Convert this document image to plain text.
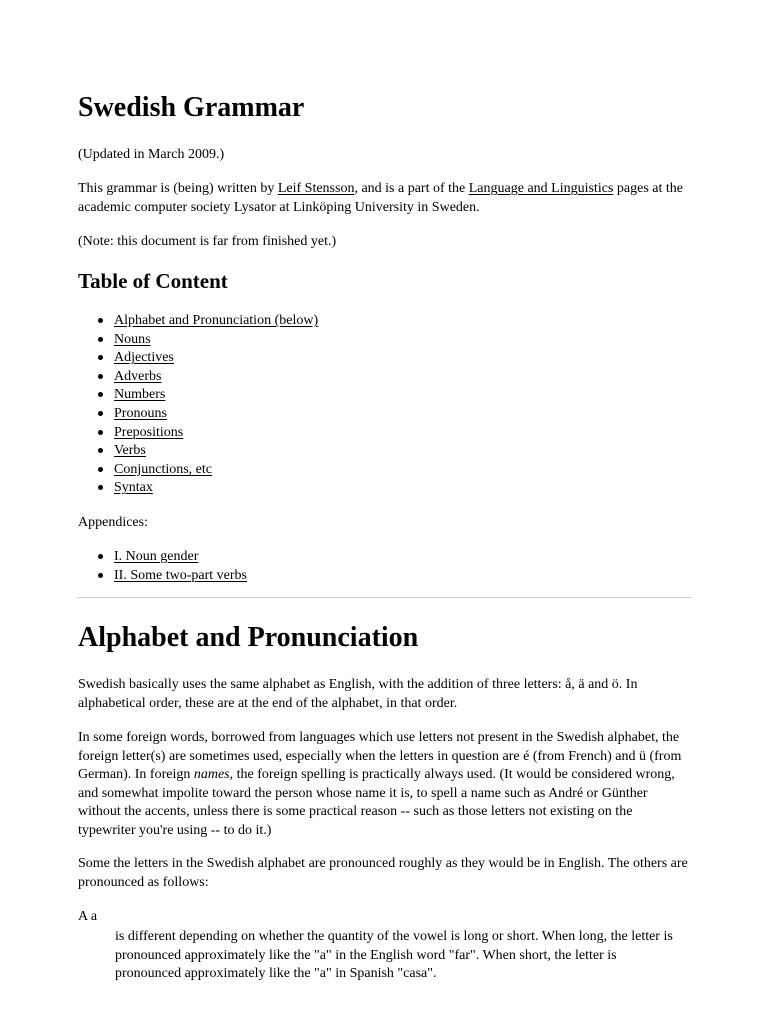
Swedish Grammar

(Updated in March 2009.)

This grammar is (being) written by Leif Stensson, and is a part of the Language and Linguistics pages at the academic computer society Lysator at Linköping University in Sweden.

(Note: this document is far from finished yet.)

Table of Content
Alphabet and Pronunciation (below)
Nouns
Adjectives
Adverbs
Numbers
Pronouns
Prepositions
Verbs
Conjunctions, etc
Syntax

Appendices:

I. Noun gender
II. Some two-part verbs
Alphabet and Pronunciation

Swedish basically uses the same alphabet as English, with the addition of three letters: å, ä and ö. In alphabetical order, these are at the end of the alphabet, in that order.

In some foreign words, borrowed from languages which use letters not present in the Swedish alphabet, the foreign letter(s) are sometimes used, especially when the letters in question are é (from French) and ü (from German). In foreign names, the foreign spelling is practically always used. (It would be considered wrong, and somewhat impolite toward the person whose name it is, to spell a name such as André or Günther without the accents, unless there is some practical reason -- such as those letters not existing on the typewriter you're using -- to do it.)

Some the letters in the Swedish alphabet are pronounced roughly as they would be in English. The others are pronounced as follows:

A a

is different depending on whether the quantity of the vowel is long or short. When long, the letter is pronounced approximately like the "a" in the English word "far". When short, the letter is pronounced approximately like the "a" in Spanish "casa".
